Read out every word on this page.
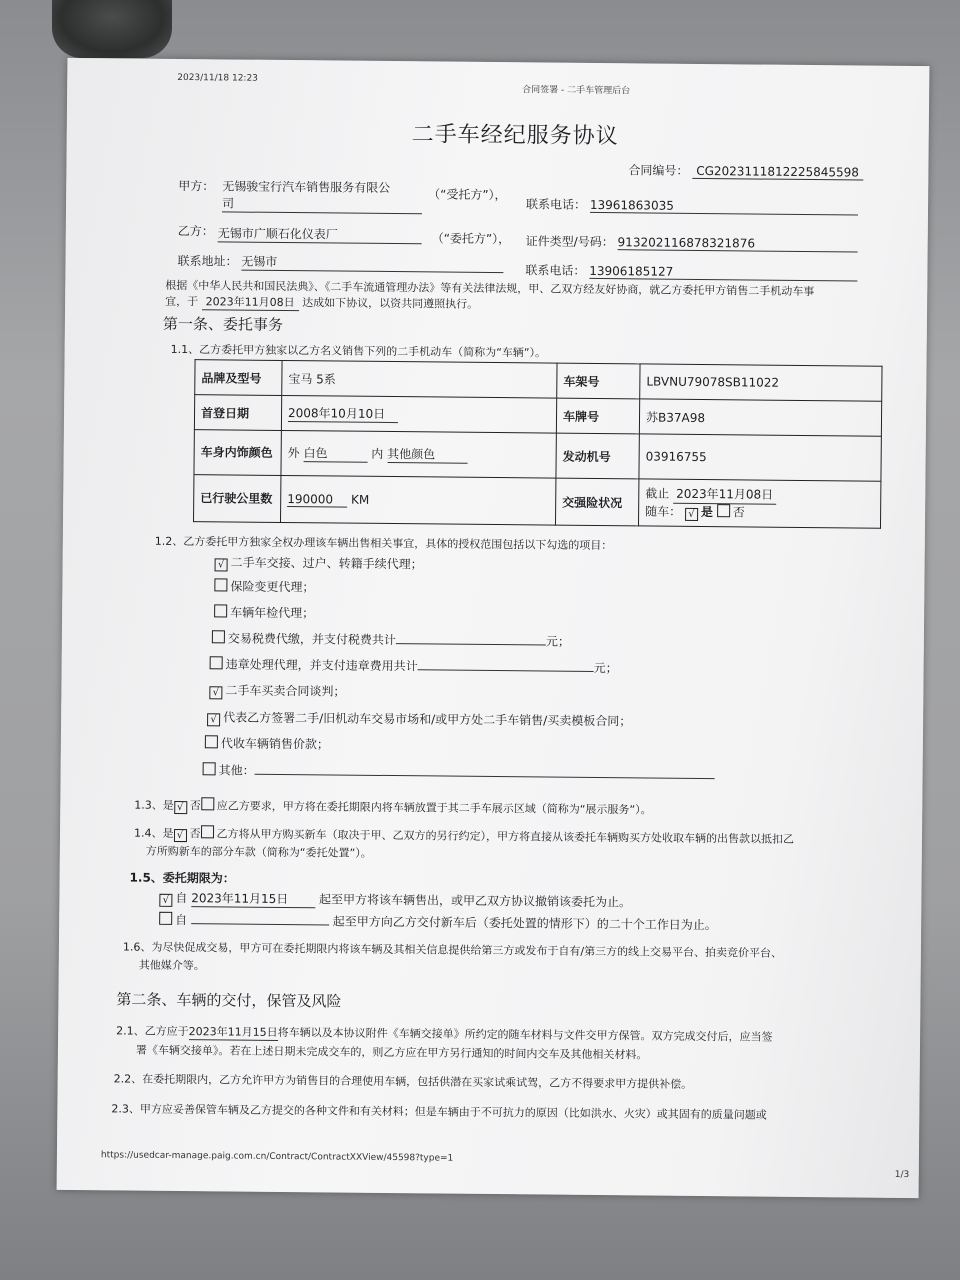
2023/11/18 12:23
合同签署 - 二手车管理后台
二手车经纪服务协议
合同编号： CG2023111812225845598
甲方： 无锡骏宝行汽车销售服务有限公
司
（“受托方”），
联系电话： 13961863035
乙方： 无锡市广顺石化仪表厂	（“委托方”）， 证件类型/号码： 913202116878321876
联系地址： 无锡市
联系电话： 13906185127
根据《中华人民共和国民法典》、《二手车流通管理办法》等有关法律法规，甲、乙双方经友好协商，就乙方委托甲方销售二手机动车事
宜，于 2023年11月08日 达成如下协议，以资共同遵照执行。
第一条、委托事务
1.1、乙方委托甲方独家以乙方名义销售下列的二手机动车（简称为“车辆”）。
品牌及型号	宝马 5系	车架号	LBVNU79078SB11022
首登日期	2008年10月10日	车牌号	苏B37A98
车身内饰颜色	外 白色 内 其他颜色	发动机号	03916755
已行驶公里数	190000 KM	交强险状况	截止 2023年11月08日
随车： √ 是 否
1.2、乙方委托甲方独家全权办理该车辆出售相关事宜，具体的授权范围包括以下勾选的项目：
√ 二手车交接、过户、转籍手续代理；
保险变更代理；
车辆年检代理；
交易税费代缴，并支付税费共计	元；
违章处理代理，并支付违章费用共计	元；
√ 二手车买卖合同谈判；
√ 代表乙方签署二手/旧机动车交易市场和/或甲方处二手车销售/买卖模板合同；
代收车辆销售价款；
其他：
1.3、是 √ 否 应乙方要求，甲方将在委托期限内将车辆放置于其二手车展示区域（简称为“展示服务”）。
1.4、是 √ 否 乙方将从甲方购买新车（取决于甲、乙双方的另行约定），甲方将直接从该委托车辆购买方处收取车辆的出售款以抵扣乙
方所购新车的部分车款（简称为“委托处置”）。
1.5、委托期限为：
√ 自 2023年11月15日	起至甲方将该车辆售出，或甲乙双方协议撤销该委托为止。
自	起至甲方向乙方交付新车后（委托处置的情形下）的二十个工作日为止。
1.6、为尽快促成交易，甲方可在委托期限内将该车辆及其相关信息提供给第三方或发布于自有/第三方的线上交易平台、拍卖竞价平台、
其他媒介等。
第二条、车辆的交付，保管及风险
2.1、乙方应于2023年11月15日将车辆以及本协议附件《车辆交接单》所约定的随车材料与文件交甲方保管。双方完成交付后，应当签
署《车辆交接单》。若在上述日期未完成交车的，则乙方应在甲方另行通知的时间内交车及其他相关材料。
2.2、在委托期限内，乙方允许甲方为销售目的合理使用车辆，包括供潜在买家试乘试驾，乙方不得要求甲方提供补偿。
2.3、甲方应妥善保管车辆及乙方提交的各种文件和有关材料；但是车辆由于不可抗力的原因（比如洪水、火灾）或其固有的质量问题或
https://usedcar-manage.paig.com.cn/Contract/ContractXXView/45598?type=1
1/3
